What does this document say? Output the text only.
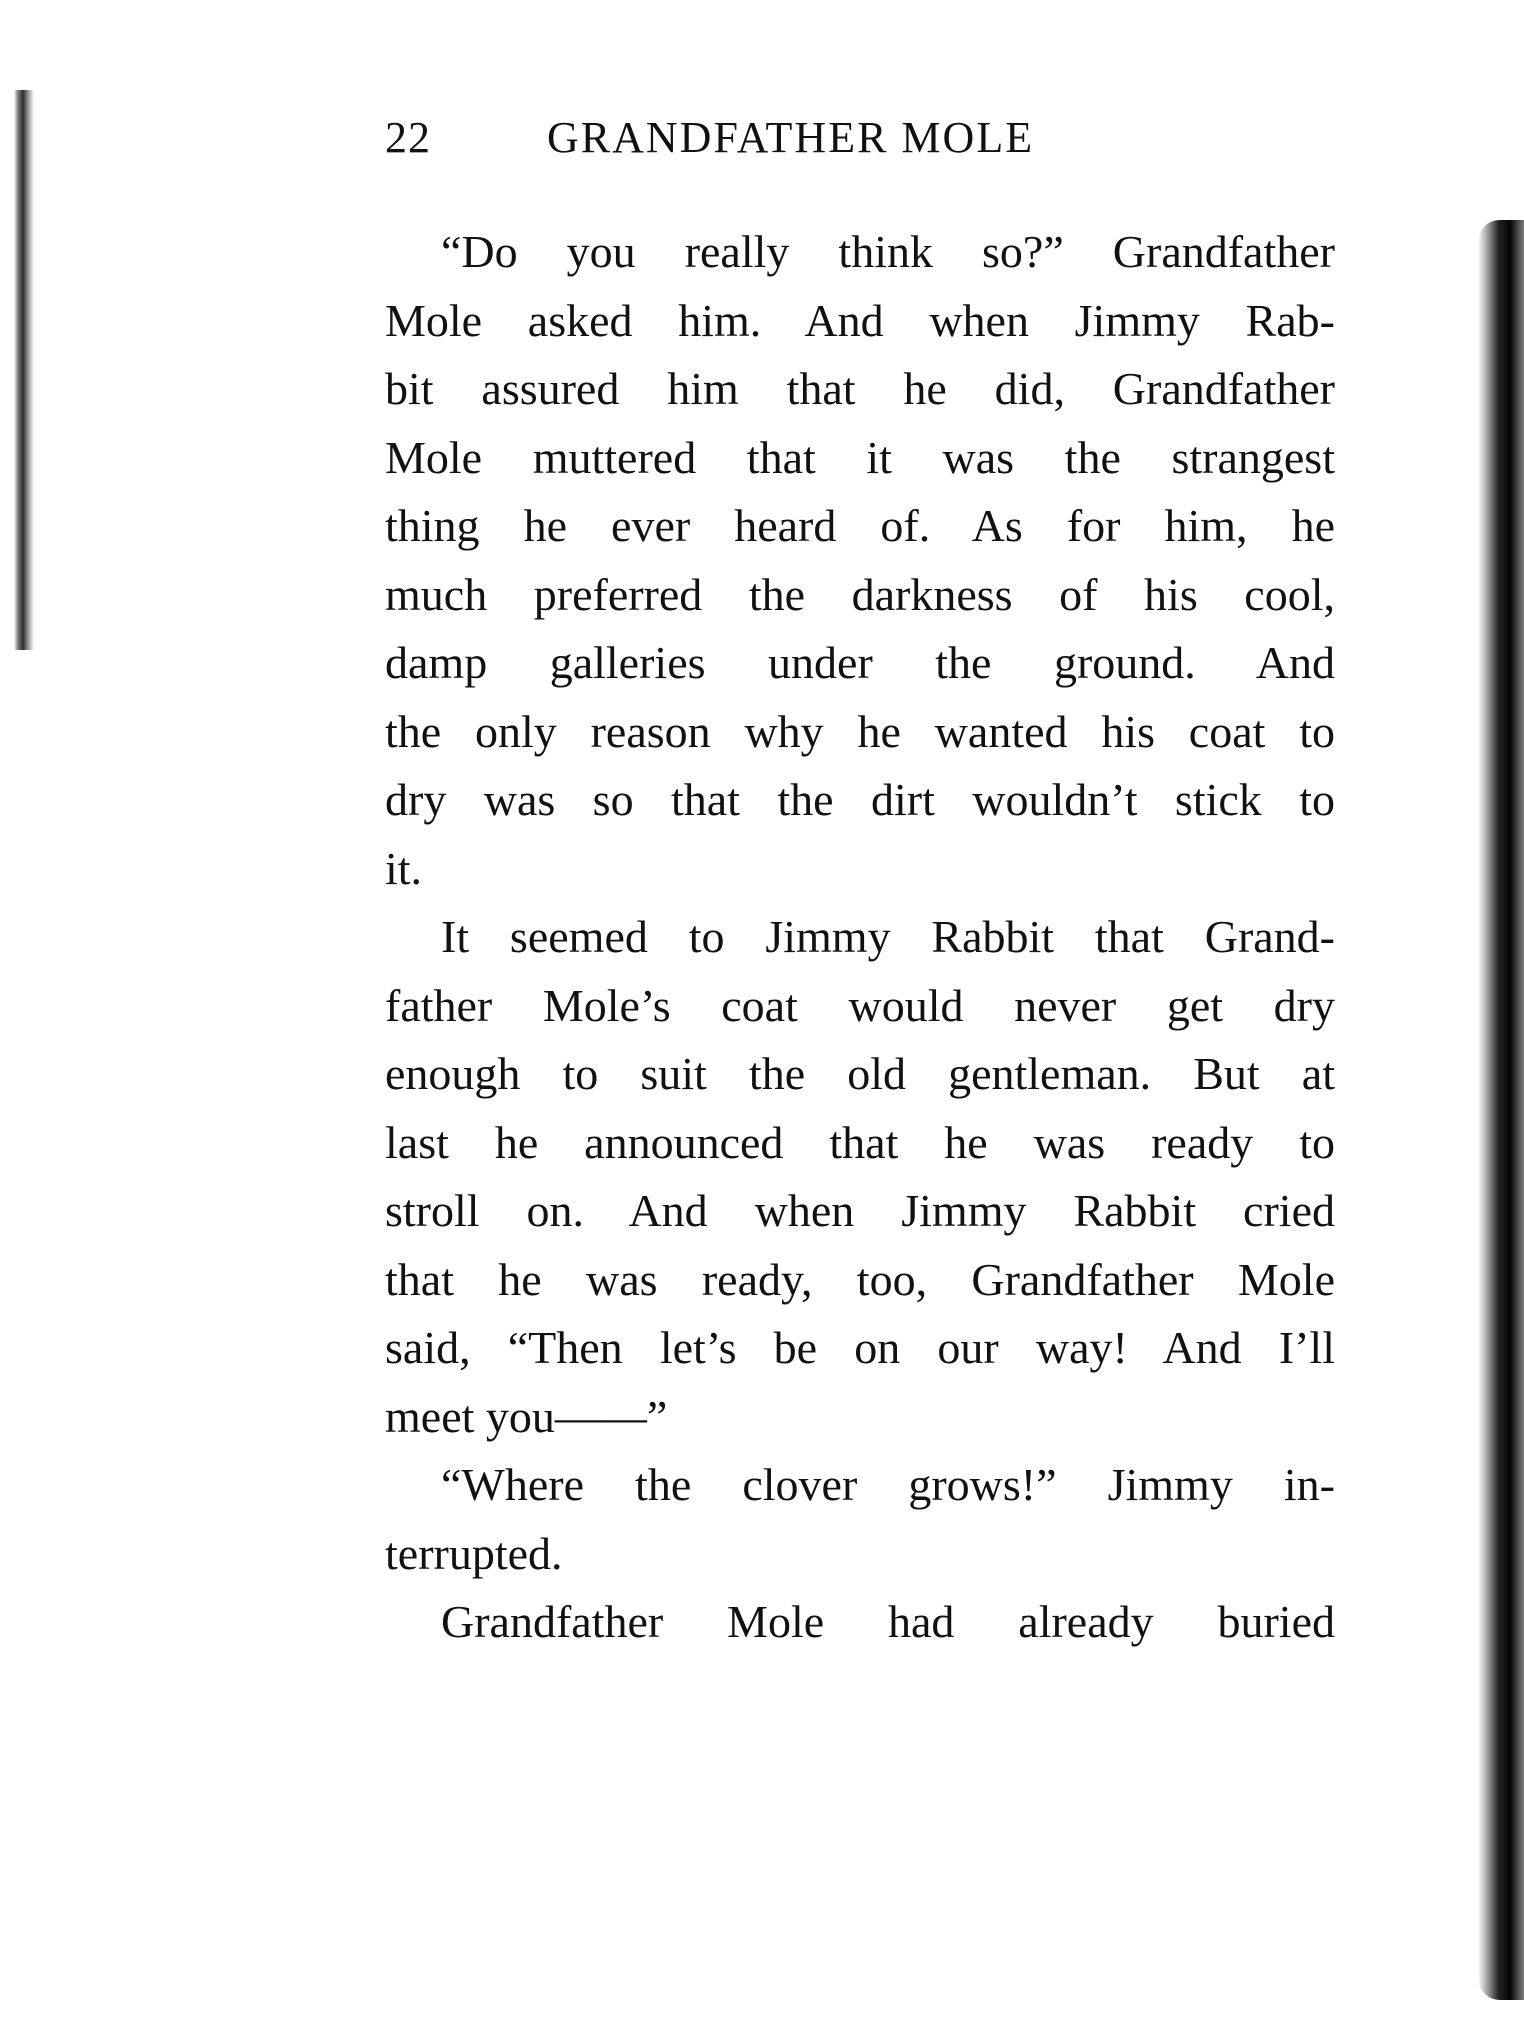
22	GRANDFATHER MOLE
“Do you really think so?” Grandfather
Mole asked him. And when Jimmy Rab-
bit assured him that he did, Grandfather
Mole muttered that it was the strangest
thing he ever heard of. As for him, he
much preferred the darkness of his cool,
damp galleries under the ground. And
the only reason why he wanted his coat to
dry was so that the dirt wouldn’t stick to
it.
It seemed to Jimmy Rabbit that Grand-
father Mole’s coat would never get dry
enough to suit the old gentleman. But at
last he announced that he was ready to
stroll on. And when Jimmy Rabbit cried
that he was ready, too, Grandfather Mole
said, “Then let’s be on our way! And I’ll
meet you——”
“Where the clover grows!” Jimmy in-
terrupted.
Grandfather Mole had already buried
